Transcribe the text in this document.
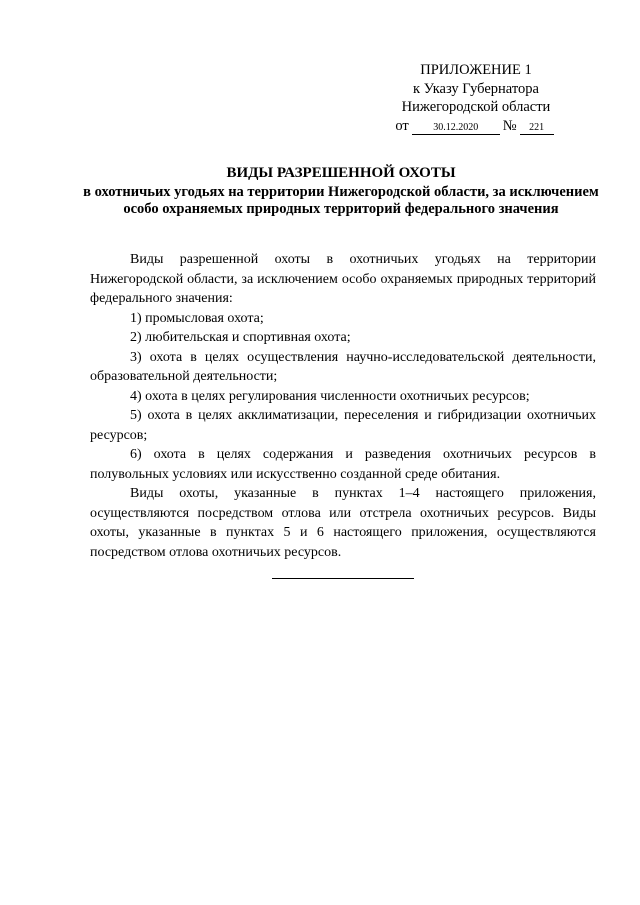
ПРИЛОЖЕНИЕ 1
к Указу Губернатора
Нижегородской области
от	30.12.2020	№	221
ВИДЫ РАЗРЕШЕННОЙ ОХОТЫ
в охотничьих угодьях на территории Нижегородской области, за исключением особо охраняемых природных территорий федерального значения

Виды разрешенной охоты в охотничьих угодьях на территории Нижегородской области, за исключением особо охраняемых природных территорий федерального значения:

1) промысловая охота;

2) любительская и спортивная охота;

3) охота в целях осуществления научно-исследовательской деятельности, образовательной деятельности;

4) охота в целях регулирования численности охотничьих ресурсов;

5) охота в целях акклиматизации, переселения и гибридизации охотничьих ресурсов;

6) охота в целях содержания и разведения охотничьих ресурсов в полувольных условиях или искусственно созданной среде обитания.

Виды охоты, указанные в пунктах 1–4 настоящего приложения, осуществляются посредством отлова или отстрела охотничьих ресурсов. Виды охоты, указанные в пунктах 5 и 6 настоящего приложения, осуществляются посредством отлова охотничьих ресурсов.
